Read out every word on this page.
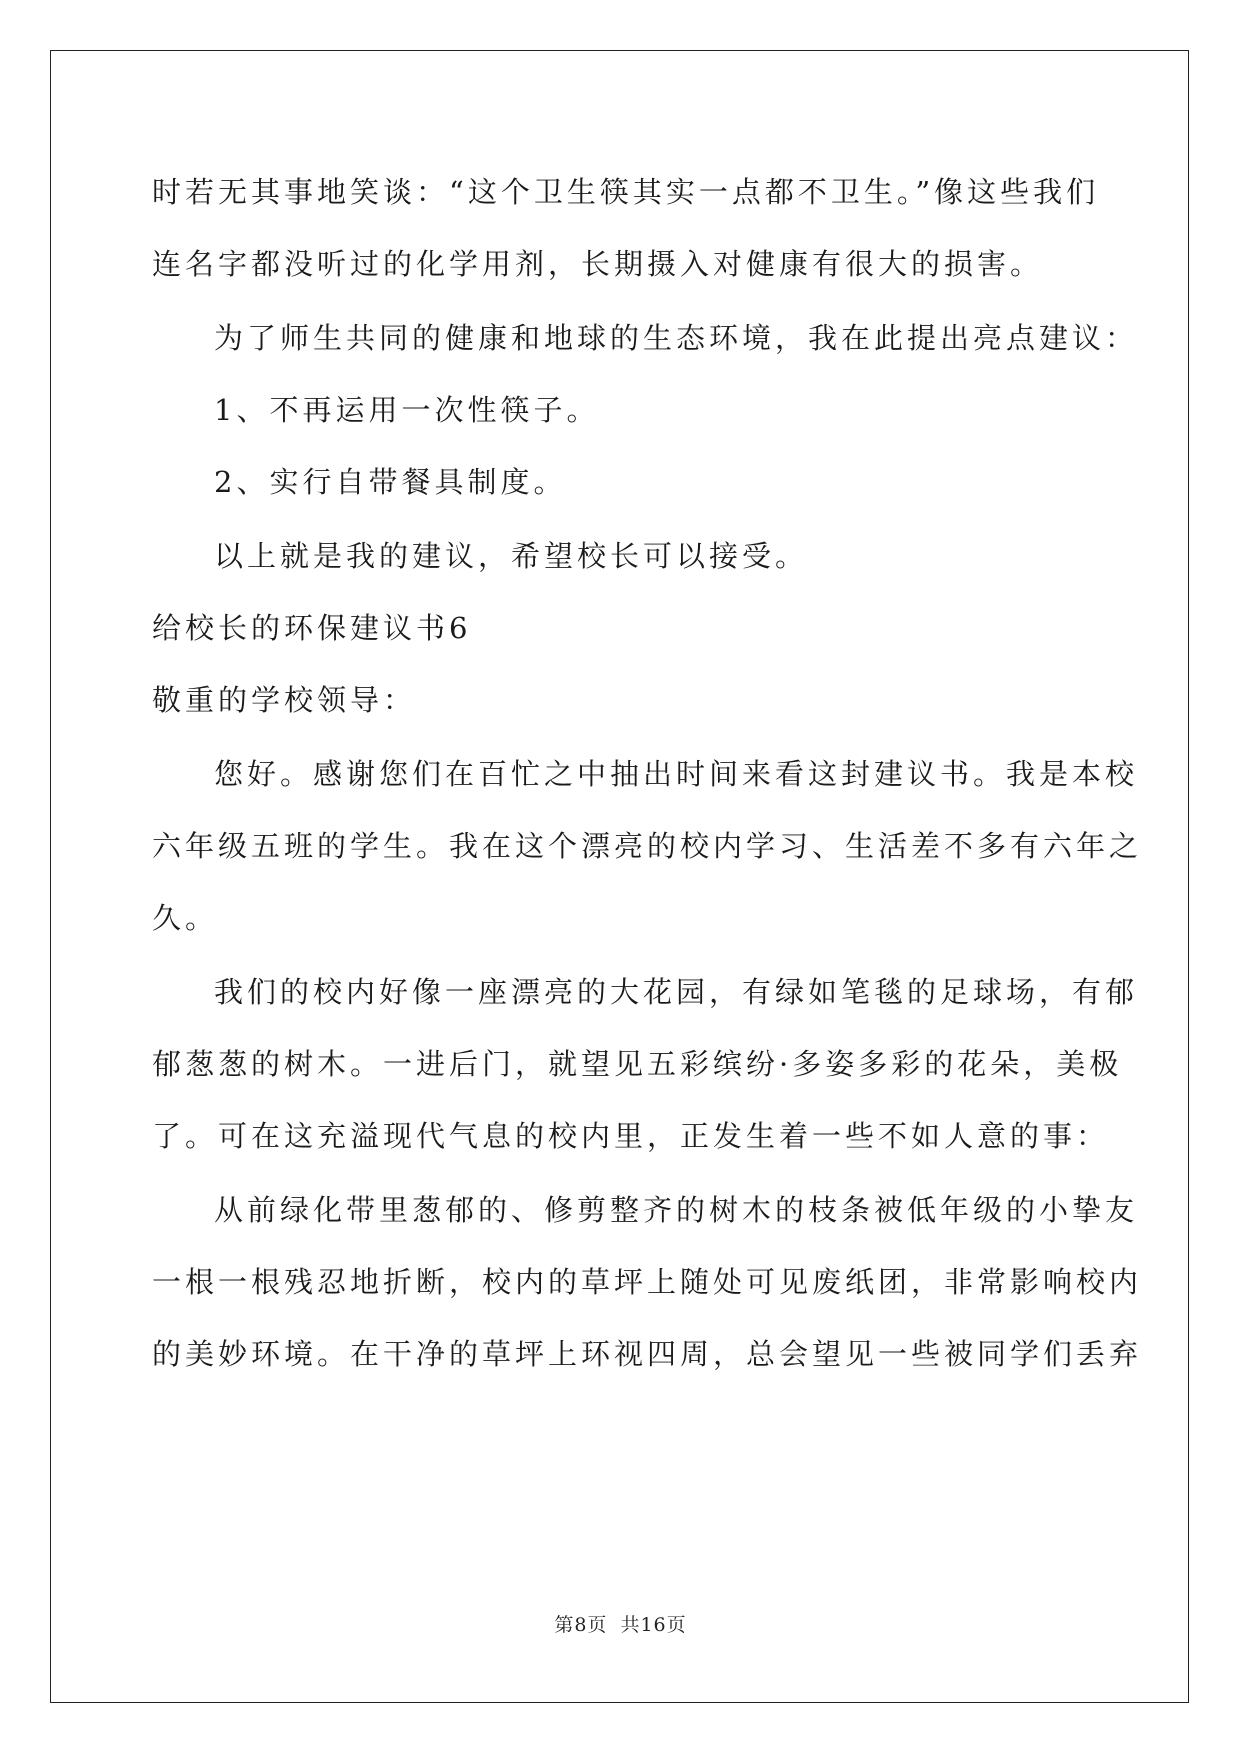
时若无其事地笑谈：“这个卫生筷其实一点都不卫生。”像这些我们
连名字都没听过的化学用剂，长期摄入对健康有很大的损害。
为了师生共同的健康和地球的生态环境，我在此提出亮点建议：
1、不再运用一次性筷子。
2、实行自带餐具制度。
以上就是我的建议，希望校长可以接受。
给校长的环保建议书6
敬重的学校领导：
您好。感谢您们在百忙之中抽出时间来看这封建议书。我是本校
六年级五班的学生。我在这个漂亮的校内学习、生活差不多有六年之
久。
我们的校内好像一座漂亮的大花园，有绿如笔毯的足球场，有郁
郁葱葱的树木。一进后门，就望见五彩缤纷·多姿多彩的花朵，美极
了。可在这充溢现代气息的校内里，正发生着一些不如人意的事：
从前绿化带里葱郁的、修剪整齐的树木的枝条被低年级的小挚友
一根一根残忍地折断，校内的草坪上随处可见废纸团，非常影响校内
的美妙环境。在干净的草坪上环视四周，总会望见一些被同学们丢弃
第8页 共16页
